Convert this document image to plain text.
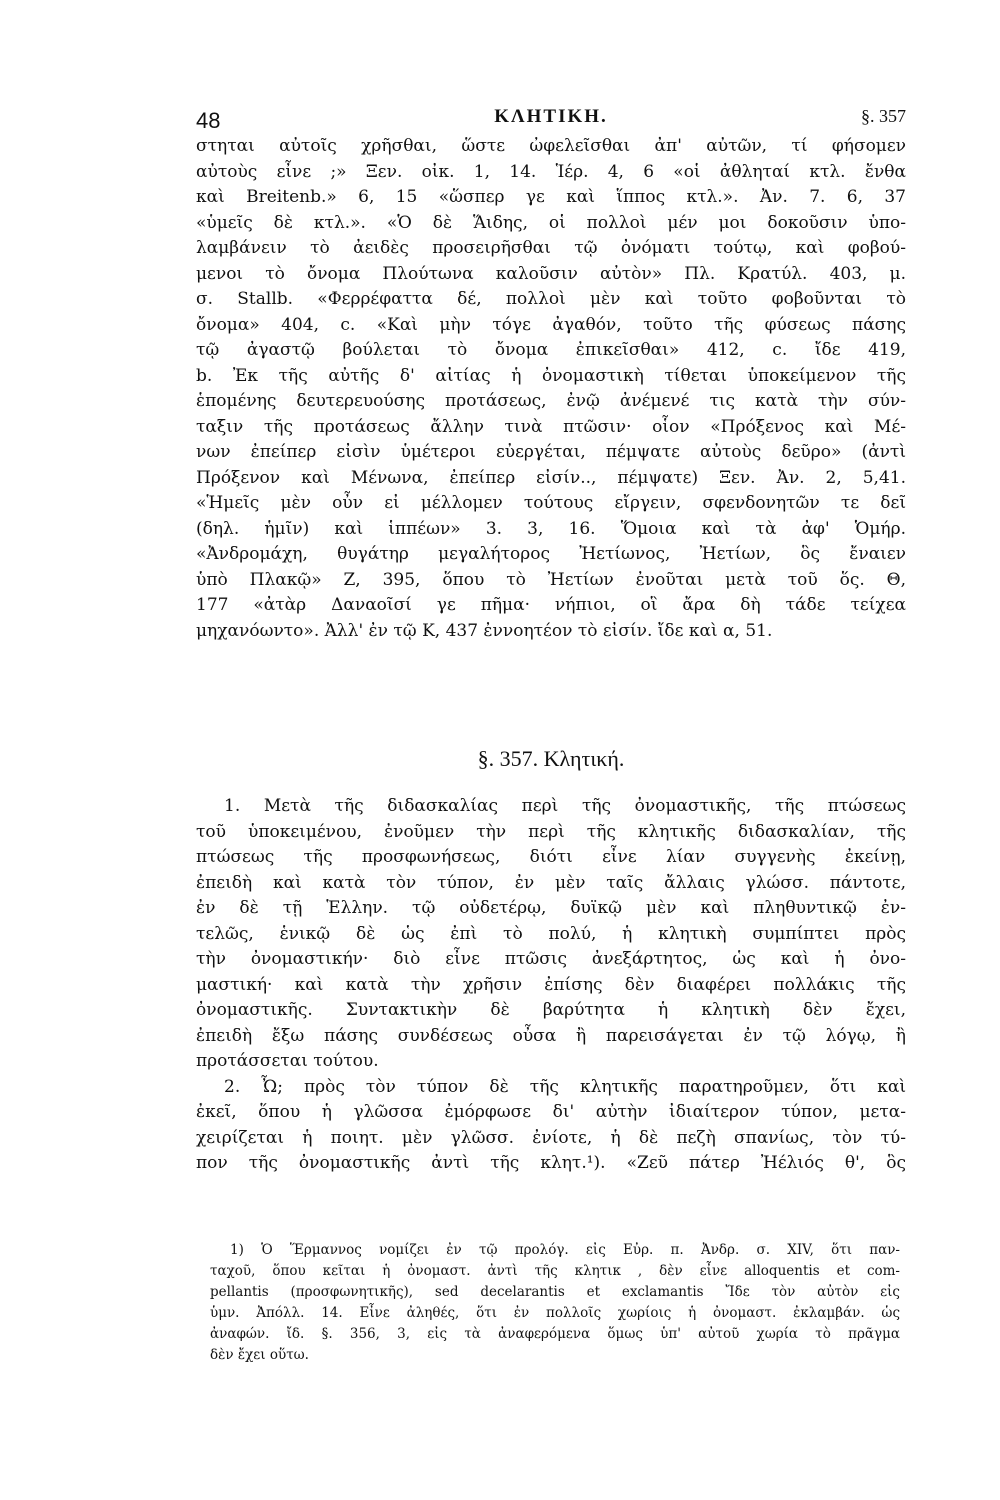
48	ΚΛΗΤΙΚΗ.	§. 357
στηται αὐτοῖς χρῆσθαι, ὥστε ὠφελεῖσθαι ἀπ' αὐτῶν, τί φήσομεν
αὐτοὺς εἶνε ;» Ξεν. οἰκ. 1, 14. Ἱέρ. 4, 6 «οἱ ἀθληταί κτλ. ἔνθα
καὶ Breitenb.» 6, 15 «ὥσπερ γε καὶ ἵππος κτλ.». Ἀν. 7. 6, 37
«ὑμεῖς δὲ κτλ.». «Ὁ δὲ Ἅιδης, οἱ πολλοὶ μέν μοι δοκοῦσιν ὑπο-
λαμβάνειν τὸ ἀειδὲς προσειρῆσθαι τῷ ὀνόματι τούτῳ, καὶ φοβού-
μενοι τὸ ὄνομα Πλούτωνα καλοῦσιν αὐτὸν» Πλ. Κρατύλ. 403, μ.
σ. Stallb. «Φερρέφαττα δέ, πολλοὶ μὲν καὶ τοῦτο φοβοῦνται τὸ
ὄνομα» 404, c. «Καὶ μὴν τόγε ἀγαθόν, τοῦτο τῆς φύσεως πάσης
τῷ ἀγαστῷ βούλεται τὸ ὄνομα ἐπικεῖσθαι» 412, c. ἴδε 419,
b. Ἐκ τῆς αὐτῆς δ' αἰτίας ἡ ὀνομαστικὴ τίθεται ὑποκείμενον τῆς
ἑπομένης δευτερευούσης προτάσεως, ἐνῷ ἀνέμενέ τις κατὰ τὴν σύν-
ταξιν τῆς προτάσεως ἄλλην τινὰ πτῶσιν· οἷον «Πρόξενος καὶ Μέ-
νων ἐπείπερ εἰσὶν ὑμέτεροι εὐεργέται, πέμψατε αὐτοὺς δεῦρο» (ἀντὶ
Πρόξενον καὶ Μένωνα, ἐπείπερ εἰσίν.., πέμψατε) Ξεν. Ἀν. 2, 5,41.
«Ἡμεῖς μὲν οὖν εἰ μέλλομεν τούτους εἴργειν, σφενδονητῶν τε δεῖ
(δηλ. ἡμῖν) καὶ ἱππέων» 3. 3, 16. Ὅμοια καὶ τὰ ἀφ' Ὁμήρ.
«Ἀνδρομάχη, θυγάτηρ μεγαλήτορος Ἠετίωνος, Ἠετίων, ὃς ἔναιεν
ὑπὸ Πλακῷ» Ζ, 395, ὅπου τὸ Ἠετίων ἐνοῦται μετὰ τοῦ ὅς. Θ,
177 «ἀτὰρ Δαναοῖσί γε πῆμα· νήπιοι, οἳ ἄρα δὴ τάδε τείχεα
μηχανόωντο». Ἀλλ' ἐν τῷ Κ, 437 ἐννοητέον τὸ εἰσίν. ἴδε καὶ α, 51.
§. 357. Κλητική.
1. Μετὰ τῆς διδασκαλίας περὶ τῆς ὀνομαστικῆς, τῆς πτώσεως
τοῦ ὑποκειμένου, ἐνοῦμεν τὴν περὶ τῆς κλητικῆς διδασκαλίαν, τῆς
πτώσεως τῆς προσφωνήσεως, διότι εἶνε λίαν συγγενὴς ἐκείνῃ,
ἐπειδὴ καὶ κατὰ τὸν τύπον, ἐν μὲν ταῖς ἄλλαις γλώσσ. πάντοτε,
ἐν δὲ τῇ Ἑλλην. τῷ οὐδετέρῳ, δυϊκῷ μὲν καὶ πληθυντικῷ ἐν-
τελῶς, ἑνικῷ δὲ ὡς ἐπὶ τὸ πολύ, ἡ κλητικὴ συμπίπτει πρὸς
τὴν ὀνομαστικήν· διὸ εἶνε πτῶσις ἀνεξάρτητος, ὡς καὶ ἡ ὀνο-
μαστική· καὶ κατὰ τὴν χρῆσιν ἐπίσης δὲν διαφέρει πολλάκις τῆς
ὀνομαστικῆς. Συντακτικὴν δὲ βαρύτητα ἡ κλητικὴ δὲν ἔχει,
ἐπειδὴ ἔξω πάσης συνδέσεως οὖσα ἢ παρεισάγεται ἐν τῷ λόγῳ, ἢ
προτάσσεται τούτου.
2. Ὦ; πρὸς τὸν τύπον δὲ τῆς κλητικῆς παρατηροῦμεν, ὅτι καὶ
ἐκεῖ, ὅπου ἡ γλῶσσα ἐμόρφωσε δι' αὐτὴν ἰδιαίτερον τύπον, μετα-
χειρίζεται ἡ ποιητ. μὲν γλῶσσ. ἐνίοτε, ἡ δὲ πεζὴ σπανίως, τὸν τύ-
πον τῆς ὀνομαστικῆς ἀντὶ τῆς κλητ.¹). «Ζεῦ πάτερ Ἠέλιός θ', ὃς
1) Ὁ Ἕρμαννος νομίζει ἐν τῷ προλόγ. εἰς Εὐρ. π. Ἀνδρ. σ. XIV, ὅτι παν-
ταχοῦ, ὅπου κεῖται ἡ ὀνομαστ. ἀντὶ τῆς κλητικ , δὲν εἶνε alloquentis et com-
pellantis (προσφωνητικῆς), sed decelarantis et exclamantis Ἴδε τὸν αὐτὸν εἰς
ὑμν. Ἀπόλλ. 14. Εἶνε ἀληθές, ὅτι ἐν πολλοῖς χωρίοις ἡ ὀνομαστ. ἐκλαμβάν. ὡς
ἀναφών. ἴδ. §. 356, 3, εἰς τὰ ἀναφερόμενα ὅμως ὑπ' αὐτοῦ χωρία τὸ πρᾶγμα
δὲν ἔχει οὕτω.
